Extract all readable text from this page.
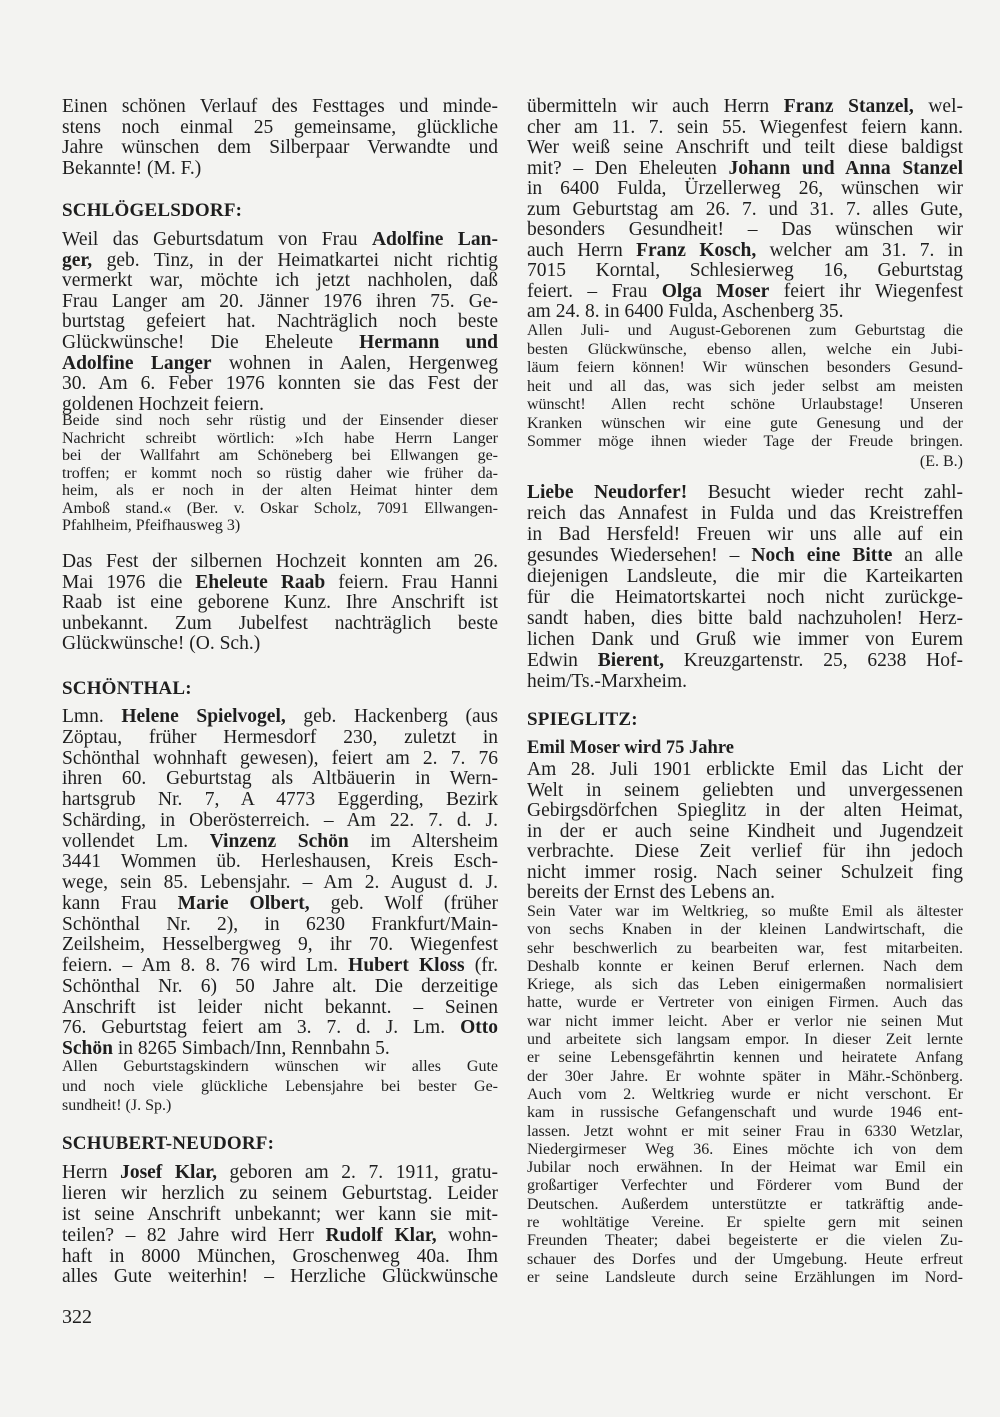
Einen schönen Verlauf des Festtages und minde-
stens noch einmal 25 gemeinsame, glückliche
Jahre wünschen dem Silberpaar Verwandte und
Bekannte! (M. F.)
SCHLÖGELSDORF:
Weil das Geburtsdatum von Frau Adolfine Lan-
ger, geb. Tinz, in der Heimatkartei nicht richtig
vermerkt war, möchte ich jetzt nachholen, daß
Frau Langer am 20. Jänner 1976 ihren 75. Ge-
burtstag gefeiert hat. Nachträglich noch beste
Glückwünsche! Die Eheleute Hermann und
Adolfine Langer wohnen in Aalen, Hergenweg
30. Am 6. Feber 1976 konnten sie das Fest der
goldenen Hochzeit feiern.
Beide sind noch sehr rüstig und der Einsender dieser
Nachricht schreibt wörtlich: »Ich habe Herrn Langer
bei der Wallfahrt am Schöneberg bei Ellwangen ge-
troffen; er kommt noch so rüstig daher wie früher da-
heim, als er noch in der alten Heimat hinter dem
Amboß stand.« (Ber. v. Oskar Scholz, 7091 Ellwangen-
Pfahlheim, Pfeifhausweg 3)
Das Fest der silbernen Hochzeit konnten am 26.
Mai 1976 die Eheleute Raab feiern. Frau Hanni
Raab ist eine geborene Kunz. Ihre Anschrift ist
unbekannt. Zum Jubelfest nachträglich beste
Glückwünsche! (O. Sch.)
SCHÖNTHAL:
Lmn. Helene Spielvogel, geb. Hackenberg (aus
Zöptau, früher Hermesdorf 230, zuletzt in
Schönthal wohnhaft gewesen), feiert am 2. 7. 76
ihren 60. Geburtstag als Altbäuerin in Wern-
hartsgrub Nr. 7, A 4773 Eggerding, Bezirk
Schärding, in Oberösterreich. – Am 22. 7. d. J.
vollendet Lm. Vinzenz Schön im Altersheim
3441 Wommen üb. Herleshausen, Kreis Esch-
wege, sein 85. Lebensjahr. – Am 2. August d. J.
kann Frau Marie Olbert, geb. Wolf (früher
Schönthal Nr. 2), in 6230 Frankfurt/Main-
Zeilsheim, Hesselbergweg 9, ihr 70. Wiegenfest
feiern. – Am 8. 8. 76 wird Lm. Hubert Kloss (fr.
Schönthal Nr. 6) 50 Jahre alt. Die derzeitige
Anschrift ist leider nicht bekannt. – Seinen
76. Geburtstag feiert am 3. 7. d. J. Lm. Otto
Schön in 8265 Simbach/Inn, Rennbahn 5.
Allen Geburtstagskindern wünschen wir alles Gute
und noch viele glückliche Lebensjahre bei bester Ge-
sundheit! (J. Sp.)
SCHUBERT-NEUDORF:
Herrn Josef Klar, geboren am 2. 7. 1911, gratu-
lieren wir herzlich zu seinem Geburtstag. Leider
ist seine Anschrift unbekannt; wer kann sie mit-
teilen? – 82 Jahre wird Herr Rudolf Klar, wohn-
haft in 8000 München, Groschenweg 40a. Ihm
alles Gute weiterhin! – Herzliche Glückwünsche
übermitteln wir auch Herrn Franz Stanzel, wel-
cher am 11. 7. sein 55. Wiegenfest feiern kann.
Wer weiß seine Anschrift und teilt diese baldigst
mit? – Den Eheleuten Johann und Anna Stanzel
in 6400 Fulda, Ürzellerweg 26, wünschen wir
zum Geburtstag am 26. 7. und 31. 7. alles Gute,
besonders Gesundheit! – Das wünschen wir
auch Herrn Franz Kosch, welcher am 31. 7. in
7015 Korntal, Schlesierweg 16, Geburtstag
feiert. – Frau Olga Moser feiert ihr Wiegenfest
am 24. 8. in 6400 Fulda, Aschenberg 35.
Allen Juli- und August-Geborenen zum Geburtstag die
besten Glückwünsche, ebenso allen, welche ein Jubi-
läum feiern können! Wir wünschen besonders Gesund-
heit und all das, was sich jeder selbst am meisten
wünscht! Allen recht schöne Urlaubstage! Unseren
Kranken wünschen wir eine gute Genesung und der
Sommer möge ihnen wieder Tage der Freude bringen.
(E. B.)
Liebe Neudorfer! Besucht wieder recht zahl-
reich das Annafest in Fulda und das Kreistreffen
in Bad Hersfeld! Freuen wir uns alle auf ein
gesundes Wiedersehen! – Noch eine Bitte an alle
diejenigen Landsleute, die mir die Karteikarten
für die Heimatortskartei noch nicht zurückge-
sandt haben, dies bitte bald nachzuholen! Herz-
lichen Dank und Gruß wie immer von Eurem
Edwin Bierent, Kreuzgartenstr. 25, 6238 Hof-
heim/Ts.-Marxheim.
SPIEGLITZ:
Emil Moser wird 75 Jahre
Am 28. Juli 1901 erblickte Emil das Licht der
Welt in seinem geliebten und unvergessenen
Gebirgsdörfchen Spieglitz in der alten Heimat,
in der er auch seine Kindheit und Jugendzeit
verbrachte. Diese Zeit verlief für ihn jedoch
nicht immer rosig. Nach seiner Schulzeit fing
bereits der Ernst des Lebens an.
Sein Vater war im Weltkrieg, so mußte Emil als ältester
von sechs Knaben in der kleinen Landwirtschaft, die
sehr beschwerlich zu bearbeiten war, fest mitarbeiten.
Deshalb konnte er keinen Beruf erlernen. Nach dem
Kriege, als sich das Leben einigermaßen normalisiert
hatte, wurde er Vertreter von einigen Firmen. Auch das
war nicht immer leicht. Aber er verlor nie seinen Mut
und arbeitete sich langsam empor. In dieser Zeit lernte
er seine Lebensgefährtin kennen und heiratete Anfang
der 30er Jahre. Er wohnte später in Mähr.-Schönberg.
Auch vom 2. Weltkrieg wurde er nicht verschont. Er
kam in russische Gefangenschaft und wurde 1946 ent-
lassen. Jetzt wohnt er mit seiner Frau in 6330 Wetzlar,
Niedergirmeser Weg 36. Eines möchte ich von dem
Jubilar noch erwähnen. In der Heimat war Emil ein
großartiger Verfechter und Förderer vom Bund der
Deutschen. Außerdem unterstützte er tatkräftig ande-
re wohltätige Vereine. Er spielte gern mit seinen
Freunden Theater; dabei begeisterte er die vielen Zu-
schauer des Dorfes und der Umgebung. Heute erfreut
er seine Landsleute durch seine Erzählungen im Nord-
322
